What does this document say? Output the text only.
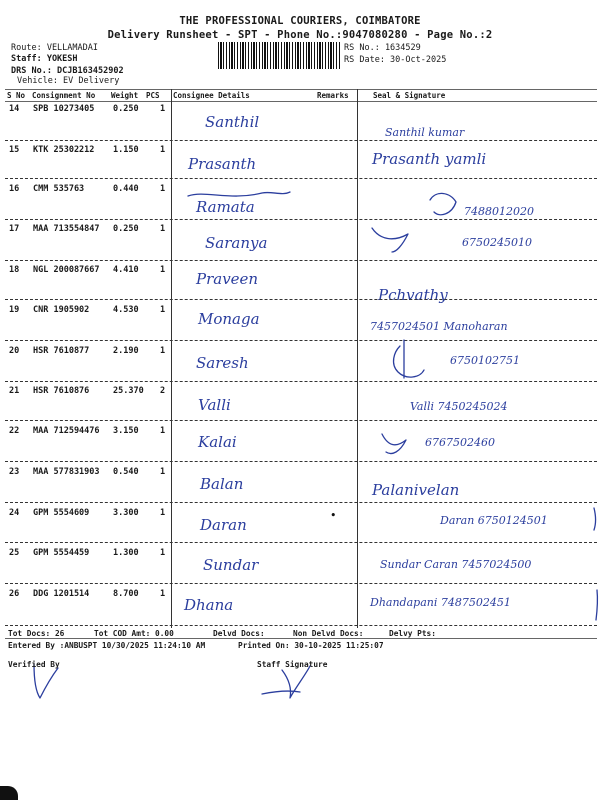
THE PROFESSIONAL COURIERS, COIMBATORE
Delivery Runsheet - SPT - Phone No.:9047080280 - Page No.:2
Route: VELLAMADAI
Staff: YOKESH
DRS No.: DCJB163452902
Vehicle: EV Delivery
RS No.: 1634529
RS Date: 30-Oct-2025
S No Consignment No Weight PCS Consignee Details	Remarks	Seal & Signature
14 SPB 10273405 0.250	1
Santhil
Santhil kumar
15 KTK 25302212 1.150	1
Prasanth	Prasanth yamli
16 CMM 535763	0.440	1
Ramata	7488012020
17 MAA 713554847 0.250	1
Saranya	6750245010
18 NGL 200087667 4.410	1 Praveen
Pchvathy
19 CNR 1905902	4.530	1 Monaga	7457024501 Manoharan
20 HSR 7610877	2.190	1
Saresh	6750102751
21 HSR 7610876	25.370 2
Valli	Valli 7450245024
22 MAA 712594476 3.150	1
Kalai	6767502460
23 MAA 577831903 0.540	1
Balan	Palanivelan
24 GPM 5554609	3.300	1
Daran	Daran 6750124501
25 GPM 5554459	1.300	1
Sundar	Sundar Caran 7457024500
26 DDG 1201514	8.700	1
Dhana	Dhandapani 7487502451
•
Tot Docs: 26	Tot COD Amt: 0.00	Delvd Docs:	Non Delvd Docs:	Delvy Pts:
Entered By :ANBUSPT 10/30/2025 11:24:10 AM	Printed On: 30-10-2025 11:25:07
Verified By	Staff Signature
